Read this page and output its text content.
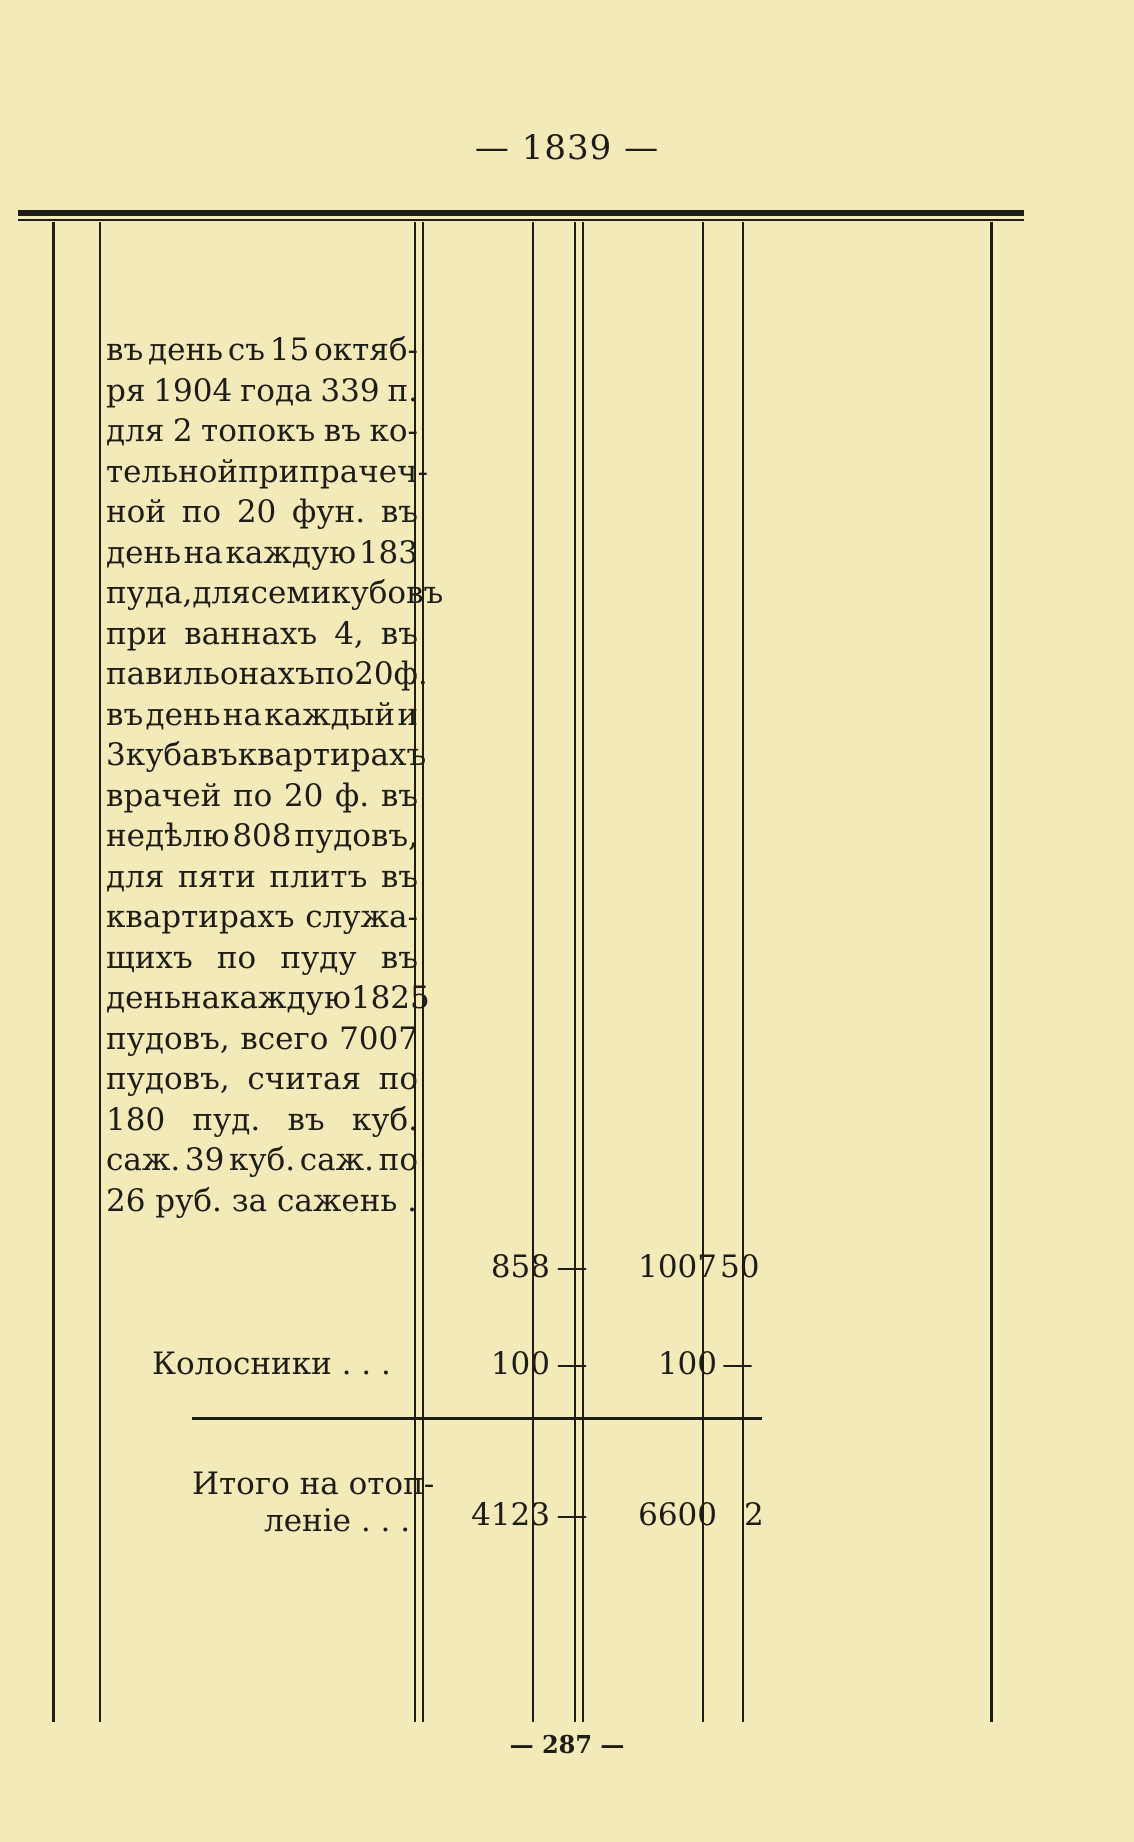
— 1839 —
въ день съ 15 октяб-
ря 1904 года 339 п.
для 2 топокъ въ ко-
тельной при прачеч-
ной по 20 фун. въ
день на каждую 183
пуда, для семи кубовъ
при ваннахъ 4, въ
павильонахъ по 20 ф.
въ день на каждый и
3 куба въ квартирахъ
врачей по 20 ф. въ
недѣлю 808 пудовъ,
для пяти плитъ въ
квартирахъ служа-
щихъ по пуду въ
день на каждую 1825
пудовъ, всего 7007
пудовъ, считая по
180 пуд. въ куб.
саж. 39 куб. саж. по
26 руб. за сажень .
858 —	1007 50
Колосники . . .	100 —	100 —
Итого на отоп-
леніе . . .	4123 —	6600 2
— 287 —
